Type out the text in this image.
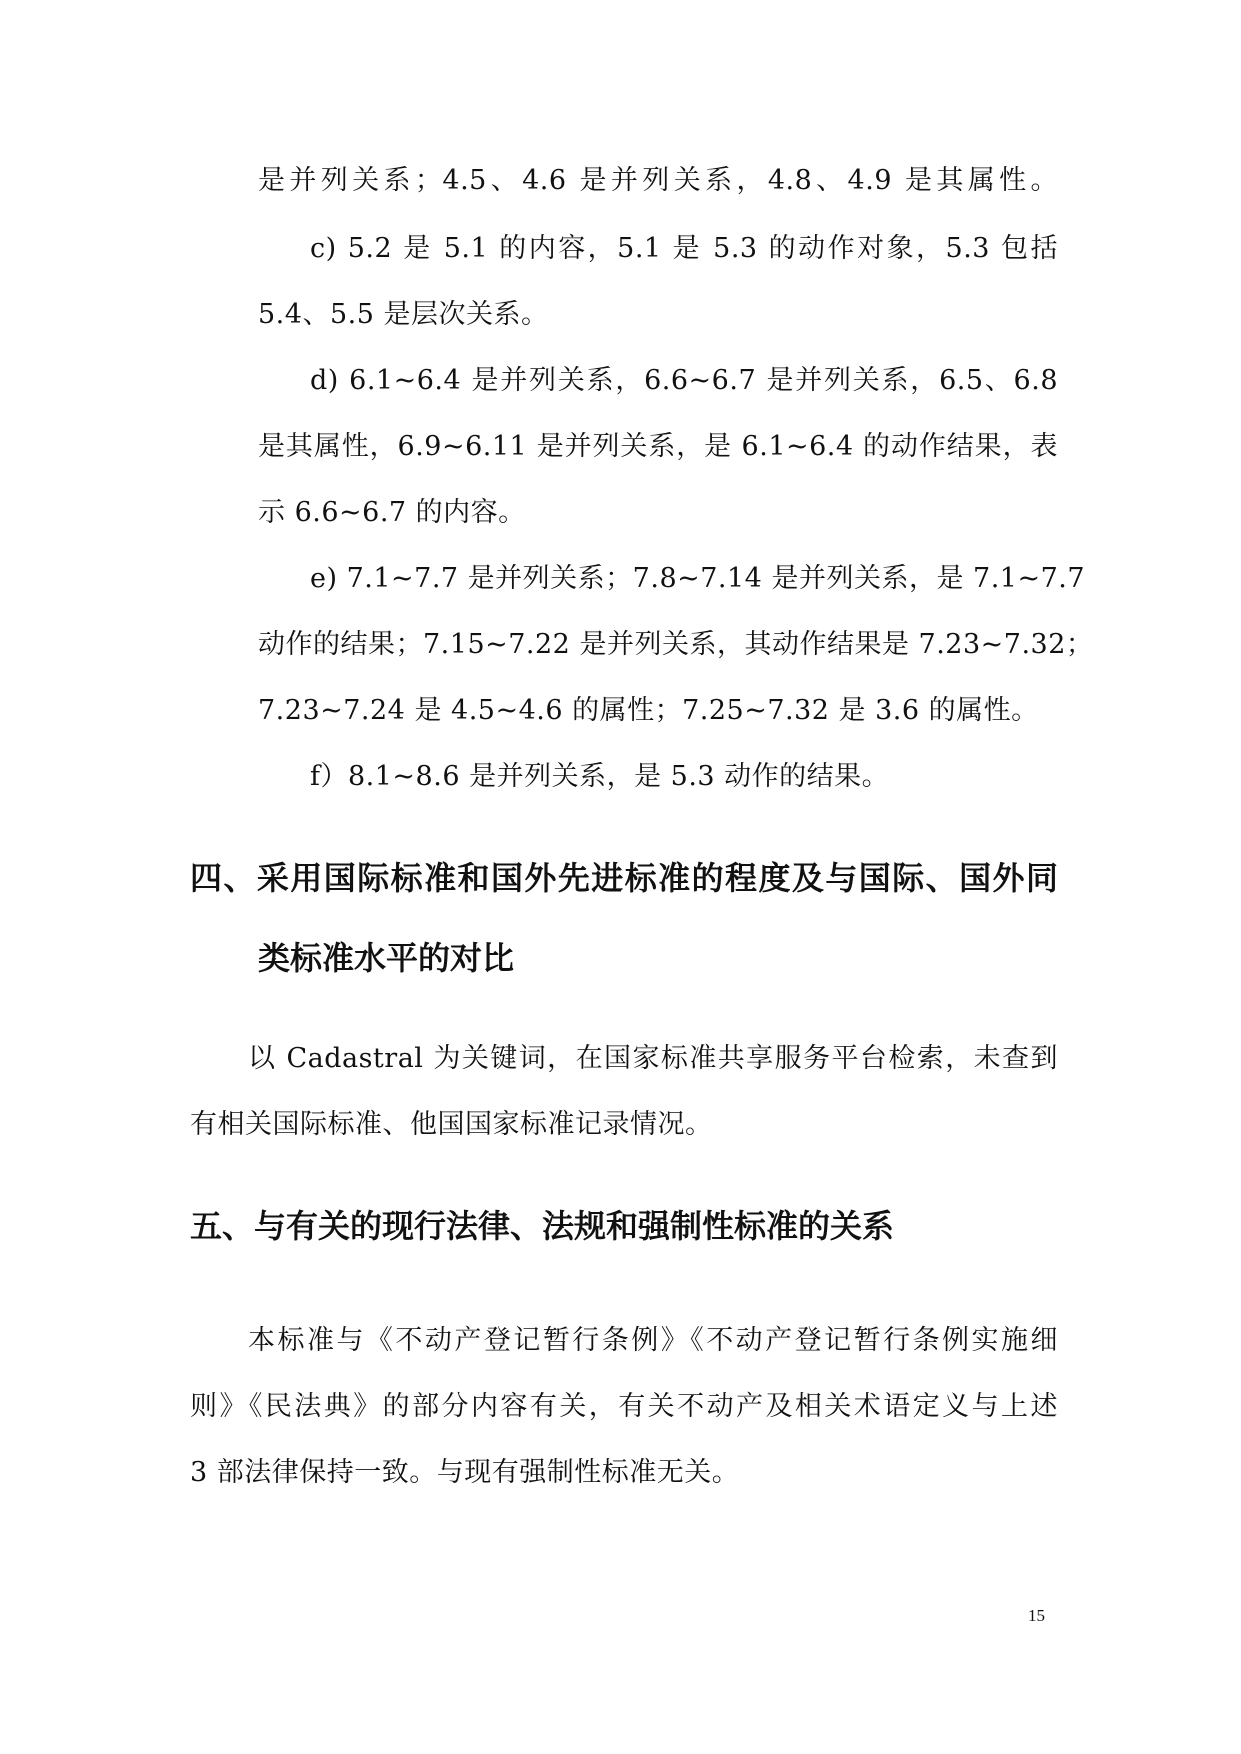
是并列关系；4.5、4.6 是并列关系，4.8、4.9 是其属性。
c) 5.2 是 5.1 的内容，5.1 是 5.3 的动作对象，5.3 包括
5.4、5.5 是层次关系。
d) 6.1~6.4 是并列关系，6.6~6.7 是并列关系，6.5、6.8
是其属性，6.9~6.11 是并列关系，是 6.1~6.4 的动作结果，表
示 6.6~6.7 的内容。
e) 7.1~7.7 是并列关系；7.8~7.14 是并列关系，是 7.1~7.7
动作的结果；7.15~7.22 是并列关系，其动作结果是 7.23~7.32；
7.23~7.24 是 4.5~4.6 的属性；7.25~7.32 是 3.6 的属性。
f）8.1~8.6 是并列关系，是 5.3 动作的结果。
四、采用国际标准和国外先进标准的程度及与国际、国外同
类标准水平的对比
以 Cadastral 为关键词，在国家标准共享服务平台检索，未查到
有相关国际标准、他国国家标准记录情况。
五、与有关的现行法律、法规和强制性标准的关系
本标准与《不动产登记暂行条例》《不动产登记暂行条例实施细
则》《民法典》的部分内容有关，有关不动产及相关术语定义与上述
3 部法律保持一致。与现有强制性标准无关。
15
